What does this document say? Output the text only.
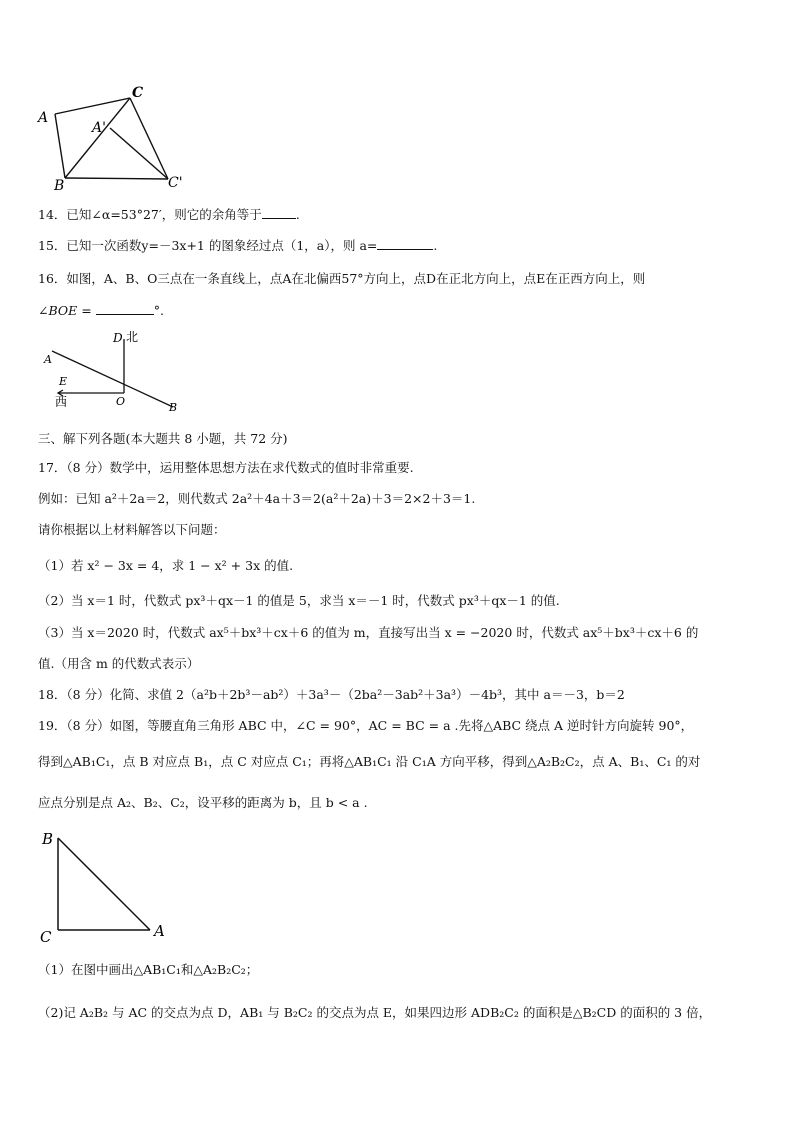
A
A'
C
B	C'
14．已知∠α=53°27′，则它的余角等于	.
15．已知一次函数y=－3x+1 的图象经过点（1，a），则 a=	.
16．如图，A、B、O三点在一条直线上，点A在北偏西57°方向上，点D在正北方向上，点E在正西方向上，则
∠BOE =	°.
D 北
A
E
西	O	B
三、解下列各题(本大题共 8 小题，共 72 分)
17．（8 分）数学中，运用整体思想方法在求代数式的值时非常重要.
例如：已知 a²＋2a＝2，则代数式 2a²＋4a＋3＝2(a²＋2a)＋3＝2×2＋3＝1.
请你根据以上材料解答以下问题：
（1）若 x² − 3x = 4，求 1 − x² + 3x 的值.
（2）当 x＝1 时，代数式 px³＋qx－1 的值是 5，求当 x＝－1 时，代数式 px³＋qx－1 的值.
（3）当 x＝2020 时，代数式 ax⁵＋bx³＋cx＋6 的值为 m，直接写出当 x = −2020 时，代数式 ax⁵＋bx³＋cx＋6 的
值.（用含 m 的代数式表示）
18．（8 分）化简、求值 2（a²b＋2b³－ab²）＋3a³－（2ba²－3ab²＋3a³）－4b³，其中 a＝－3，b＝2
19．（8 分）如图，等腰直角三角形 ABC 中，∠C = 90°，AC = BC = a .先将△ABC 绕点 A 逆时针方向旋转 90°，
得到△AB₁C₁，点 B 对应点 B₁，点 C 对应点 C₁；再将△AB₁C₁ 沿 C₁A 方向平移，得到△A₂B₂C₂，点 A、B₁、C₁ 的对
应点分别是点 A₂、B₂、C₂，设平移的距离为 b，且 b < a .
B
C	A
（1）在图中画出△AB₁C₁和△A₂B₂C₂；
（2)记 A₂B₂ 与 AC 的交点为点 D，AB₁ 与 B₂C₂ 的交点为点 E，如果四边形 ADB₂C₂ 的面积是△B₂CD 的面积的 3 倍，
